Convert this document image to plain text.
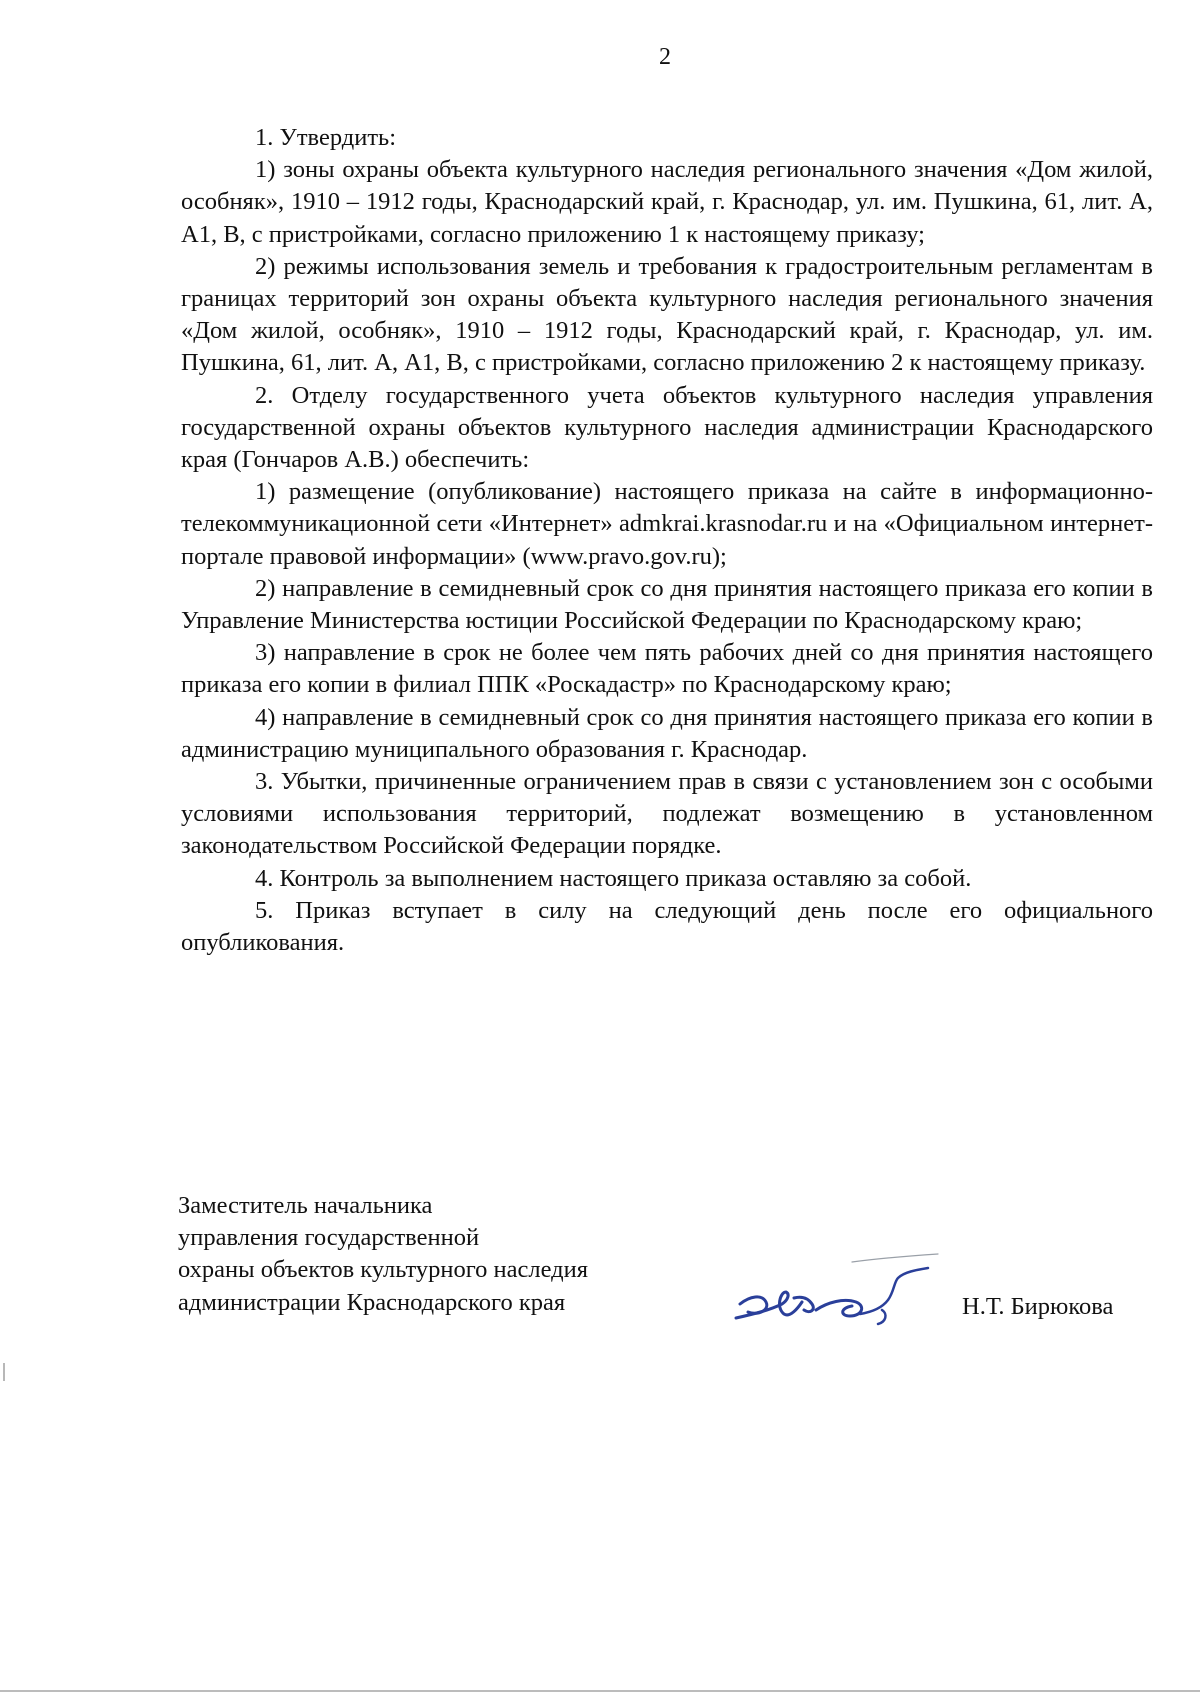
2

1. Утвердить:

1) зоны охраны объекта культурного наследия регионального значения «Дом жилой, особняк», 1910 – 1912 годы, Краснодарский край, г. Краснодар, ул. им. Пушкина, 61, лит. А, А1, В, с пристройками, согласно приложению 1 к настоящему приказу;

2) режимы использования земель и требования к градостроительным регламентам в границах территорий зон охраны объекта культурного наследия регионального значения «Дом жилой, особняк», 1910 – 1912 годы, Краснодарский край, г. Краснодар, ул. им. Пушкина, 61, лит. А, А1, В, с пристройками, согласно приложению 2 к настоящему приказу.

2. Отделу государственного учета объектов культурного наследия управления государственной охраны объектов культурного наследия администрации Краснодарского края (Гончаров А.В.) обеспечить:

1) размещение (опубликование) настоящего приказа на сайте в информационно-телекоммуникационной сети «Интернет» admkrai.krasnodar.ru и на «Официальном интернет-портале правовой информации» (www.pravo.gov.ru);

2) направление в семидневный срок со дня принятия настоящего приказа его копии в Управление Министерства юстиции Российской Федерации по Краснодарскому краю;

3) направление в срок не более чем пять рабочих дней со дня принятия настоящего приказа его копии в филиал ППК «Роскадастр» по Краснодарскому краю;

4) направление в семидневный срок со дня принятия настоящего приказа его копии в администрацию муниципального образования г. Краснодар.

3. Убытки, причиненные ограничением прав в связи с установлением зон с особыми условиями использования территорий, подлежат возмещению в установленном законодательством Российской Федерации порядке.

4. Контроль за выполнением настоящего приказа оставляю за собой.

5. Приказ вступает в силу на следующий день после его официального опубликования.

Заместитель начальника
управления государственной
охраны объектов культурного наследия
администрации Краснодарского края	Н.Т. Бирюкова
